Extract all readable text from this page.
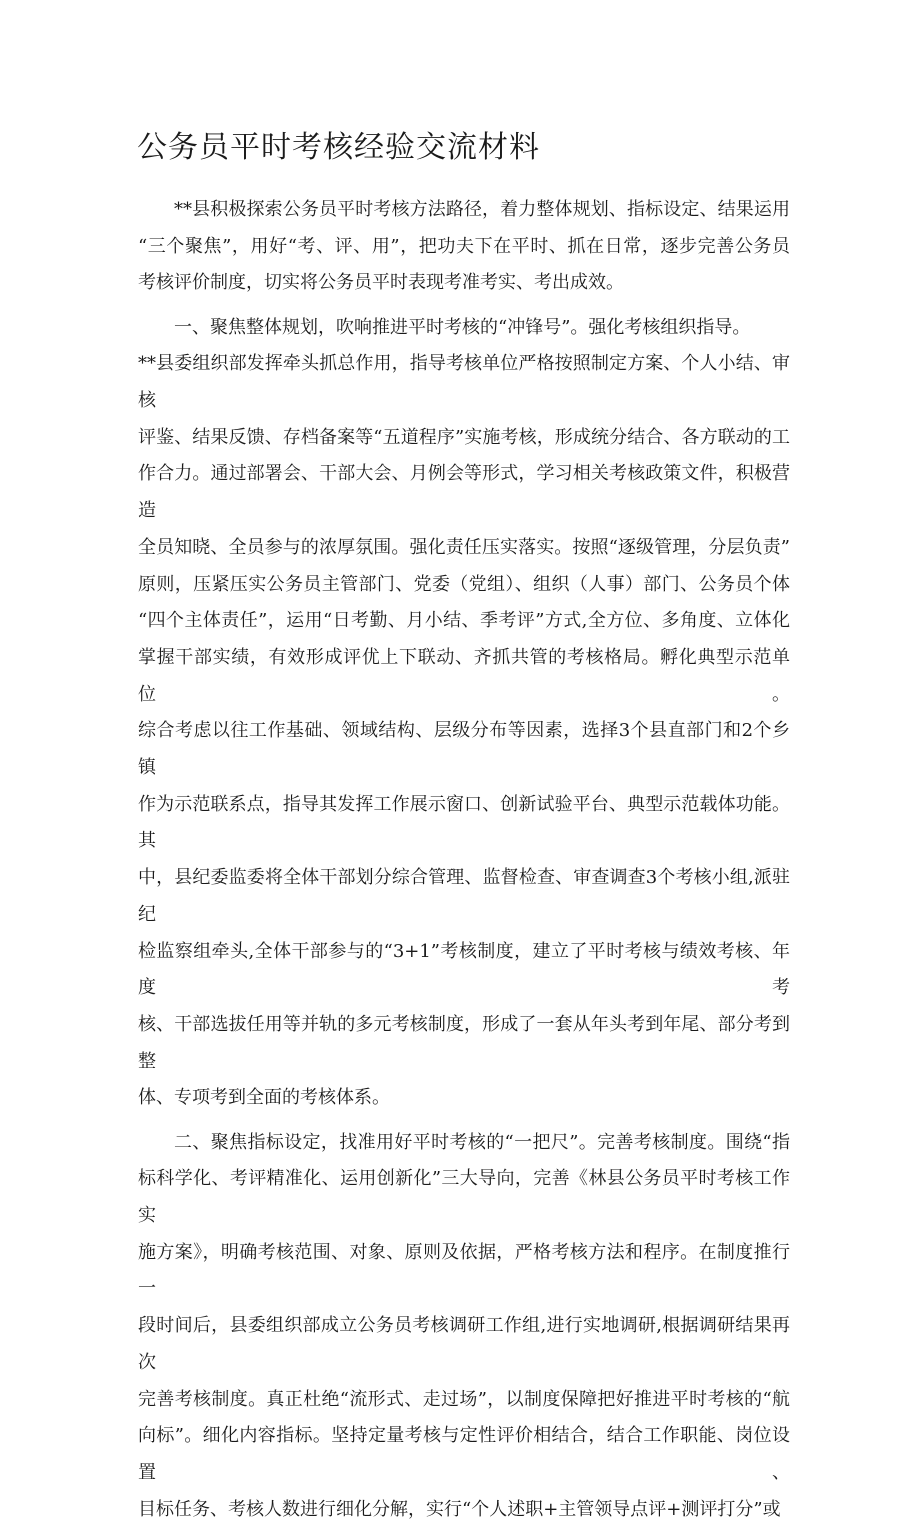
公务员平时考核经验交流材料
**县积极探索公务员平时考核方法路径，着力整体规划、指标设定、结果运用
“三个聚焦”，用好“考、评、用”，把功夫下在平时、抓在日常，逐步完善公务员
考核评价制度，切实将公务员平时表现考准考实、考出成效。
一、聚焦整体规划，吹响推进平时考核的“冲锋号”。强化考核组织指导。
**县委组织部发挥牵头抓总作用，指导考核单位严格按照制定方案、个人小结、审核
评鉴、结果反馈、存档备案等“五道程序”实施考核，形成统分结合、各方联动的工
作合力。通过部署会、干部大会、月例会等形式，学习相关考核政策文件，积极营造
全员知晓、全员参与的浓厚氛围。强化责任压实落实。按照“逐级管理，分层负责”
原则，压紧压实公务员主管部门、党委（党组）、组织（人事）部门、公务员个体
“四个主体责任”，运用“日考勤、月小结、季考评”方式,全方位、多角度、立体化
掌握干部实绩，有效形成评优上下联动、齐抓共管的考核格局。孵化典型示范单位。
综合考虑以往工作基础、领域结构、层级分布等因素，选择3个县直部门和2个乡镇
作为示范联系点，指导其发挥工作展示窗口、创新试验平台、典型示范载体功能。其
中，县纪委监委将全体干部划分综合管理、监督检查、审查调查3个考核小组,派驻纪
检监察组牵头,全体干部参与的“3+1”考核制度，建立了平时考核与绩效考核、年度考
核、干部选拔任用等并轨的多元考核制度，形成了一套从年头考到年尾、部分考到整
体、专项考到全面的考核体系。
二、聚焦指标设定，找准用好平时考核的“一把尺”。完善考核制度。围绕“指
标科学化、考评精准化、运用创新化”三大导向，完善《林县公务员平时考核工作实
施方案》，明确考核范围、对象、原则及依据，严格考核方法和程序。在制度推行一
段时间后，县委组织部成立公务员考核调研工作组,进行实地调研,根据调研结果再次
完善考核制度。真正杜绝“流形式、走过场”，以制度保障把好推进平时考核的“航
向标”。细化内容指标。坚持定量考核与定性评价相结合，结合工作职能、岗位设置、
目标任务、考核人数进行细化分解，实行“个人述职+主管领导点评+测评打分”或
